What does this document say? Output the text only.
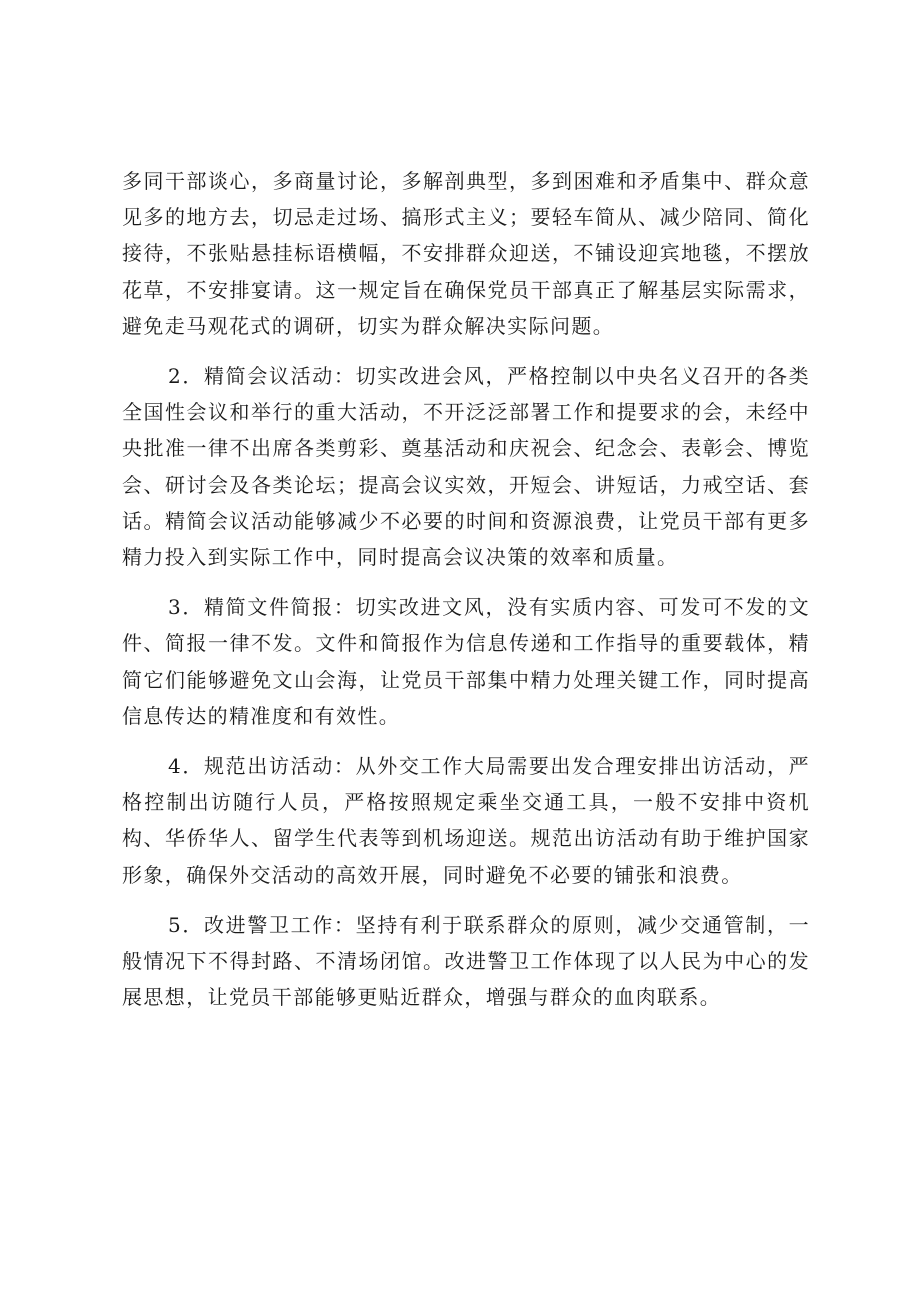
多同干部谈心，多商量讨论，多解剖典型，多到困难和矛盾集中、群众意见多的地方去，切忌走过场、搞形式主义；要轻车简从、减少陪同、简化接待，不张贴悬挂标语横幅，不安排群众迎送，不铺设迎宾地毯，不摆放花草，不安排宴请。这一规定旨在确保党员干部真正了解基层实际需求，避免走马观花式的调研，切实为群众解决实际问题。

2．精简会议活动：切实改进会风，严格控制以中央名义召开的各类全国性会议和举行的重大活动，不开泛泛部署工作和提要求的会，未经中央批准一律不出席各类剪彩、奠基活动和庆祝会、纪念会、表彰会、博览会、研讨会及各类论坛；提高会议实效，开短会、讲短话，力戒空话、套话。精简会议活动能够减少不必要的时间和资源浪费，让党员干部有更多精力投入到实际工作中，同时提高会议决策的效率和质量。

3．精简文件简报：切实改进文风，没有实质内容、可发可不发的文件、简报一律不发。文件和简报作为信息传递和工作指导的重要载体，精简它们能够避免文山会海，让党员干部集中精力处理关键工作，同时提高信息传达的精准度和有效性。

4．规范出访活动：从外交工作大局需要出发合理安排出访活动，严格控制出访随行人员，严格按照规定乘坐交通工具，一般不安排中资机构、华侨华人、留学生代表等到机场迎送。规范出访活动有助于维护国家形象，确保外交活动的高效开展，同时避免不必要的铺张和浪费。

5．改进警卫工作：坚持有利于联系群众的原则，减少交通管制，一般情况下不得封路、不清场闭馆。改进警卫工作体现了以人民为中心的发展思想，让党员干部能够更贴近群众，增强与群众的血肉联系。
